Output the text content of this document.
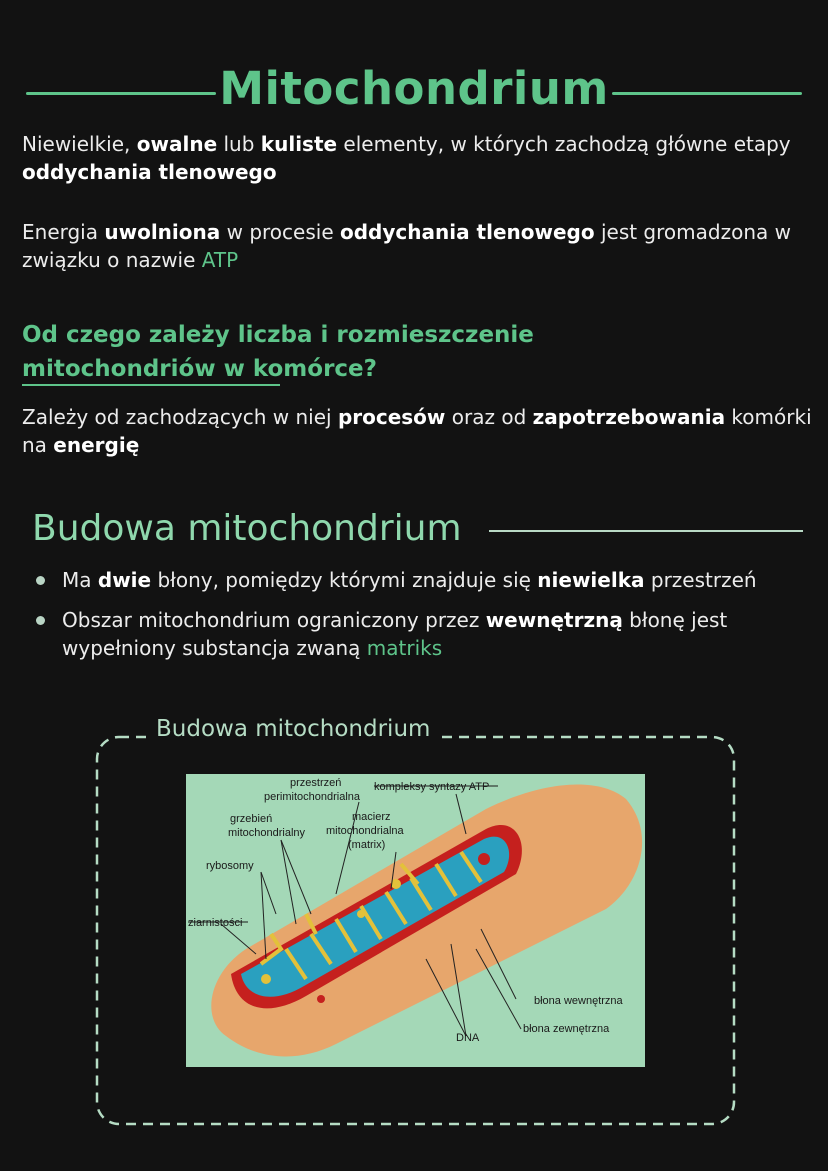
Mitochondrium
Niewielkie, owalne lub kuliste elementy, w których zachodzą główne etapy oddychania tlenowego
Energia uwolniona w procesie oddychania tlenowego jest gromadzona w związku o nazwie ATP
Od czego zależy liczba i rozmieszczenie
mitochondriów w komórce?
Zależy od zachodzących w niej procesów oraz od zapotrzebowania komórki na energię
Budowa mitochondrium
Ma dwie błony, pomiędzy którymi znajduje się niewielka przestrzeń
Obszar mitochondrium ograniczony przez wewnętrzną błonę jest wypełniony substancja zwaną matriks
Budowa mitochondrium
przestrzeń
perimitochondrialna
kompleksy syntazy ATP
grzebień
mitochondrialny
macierz
mitochondrialna
(matrix)
rybosomy
ziarnistości
błona wewnętrzna
błona zewnętrzna
DNA
